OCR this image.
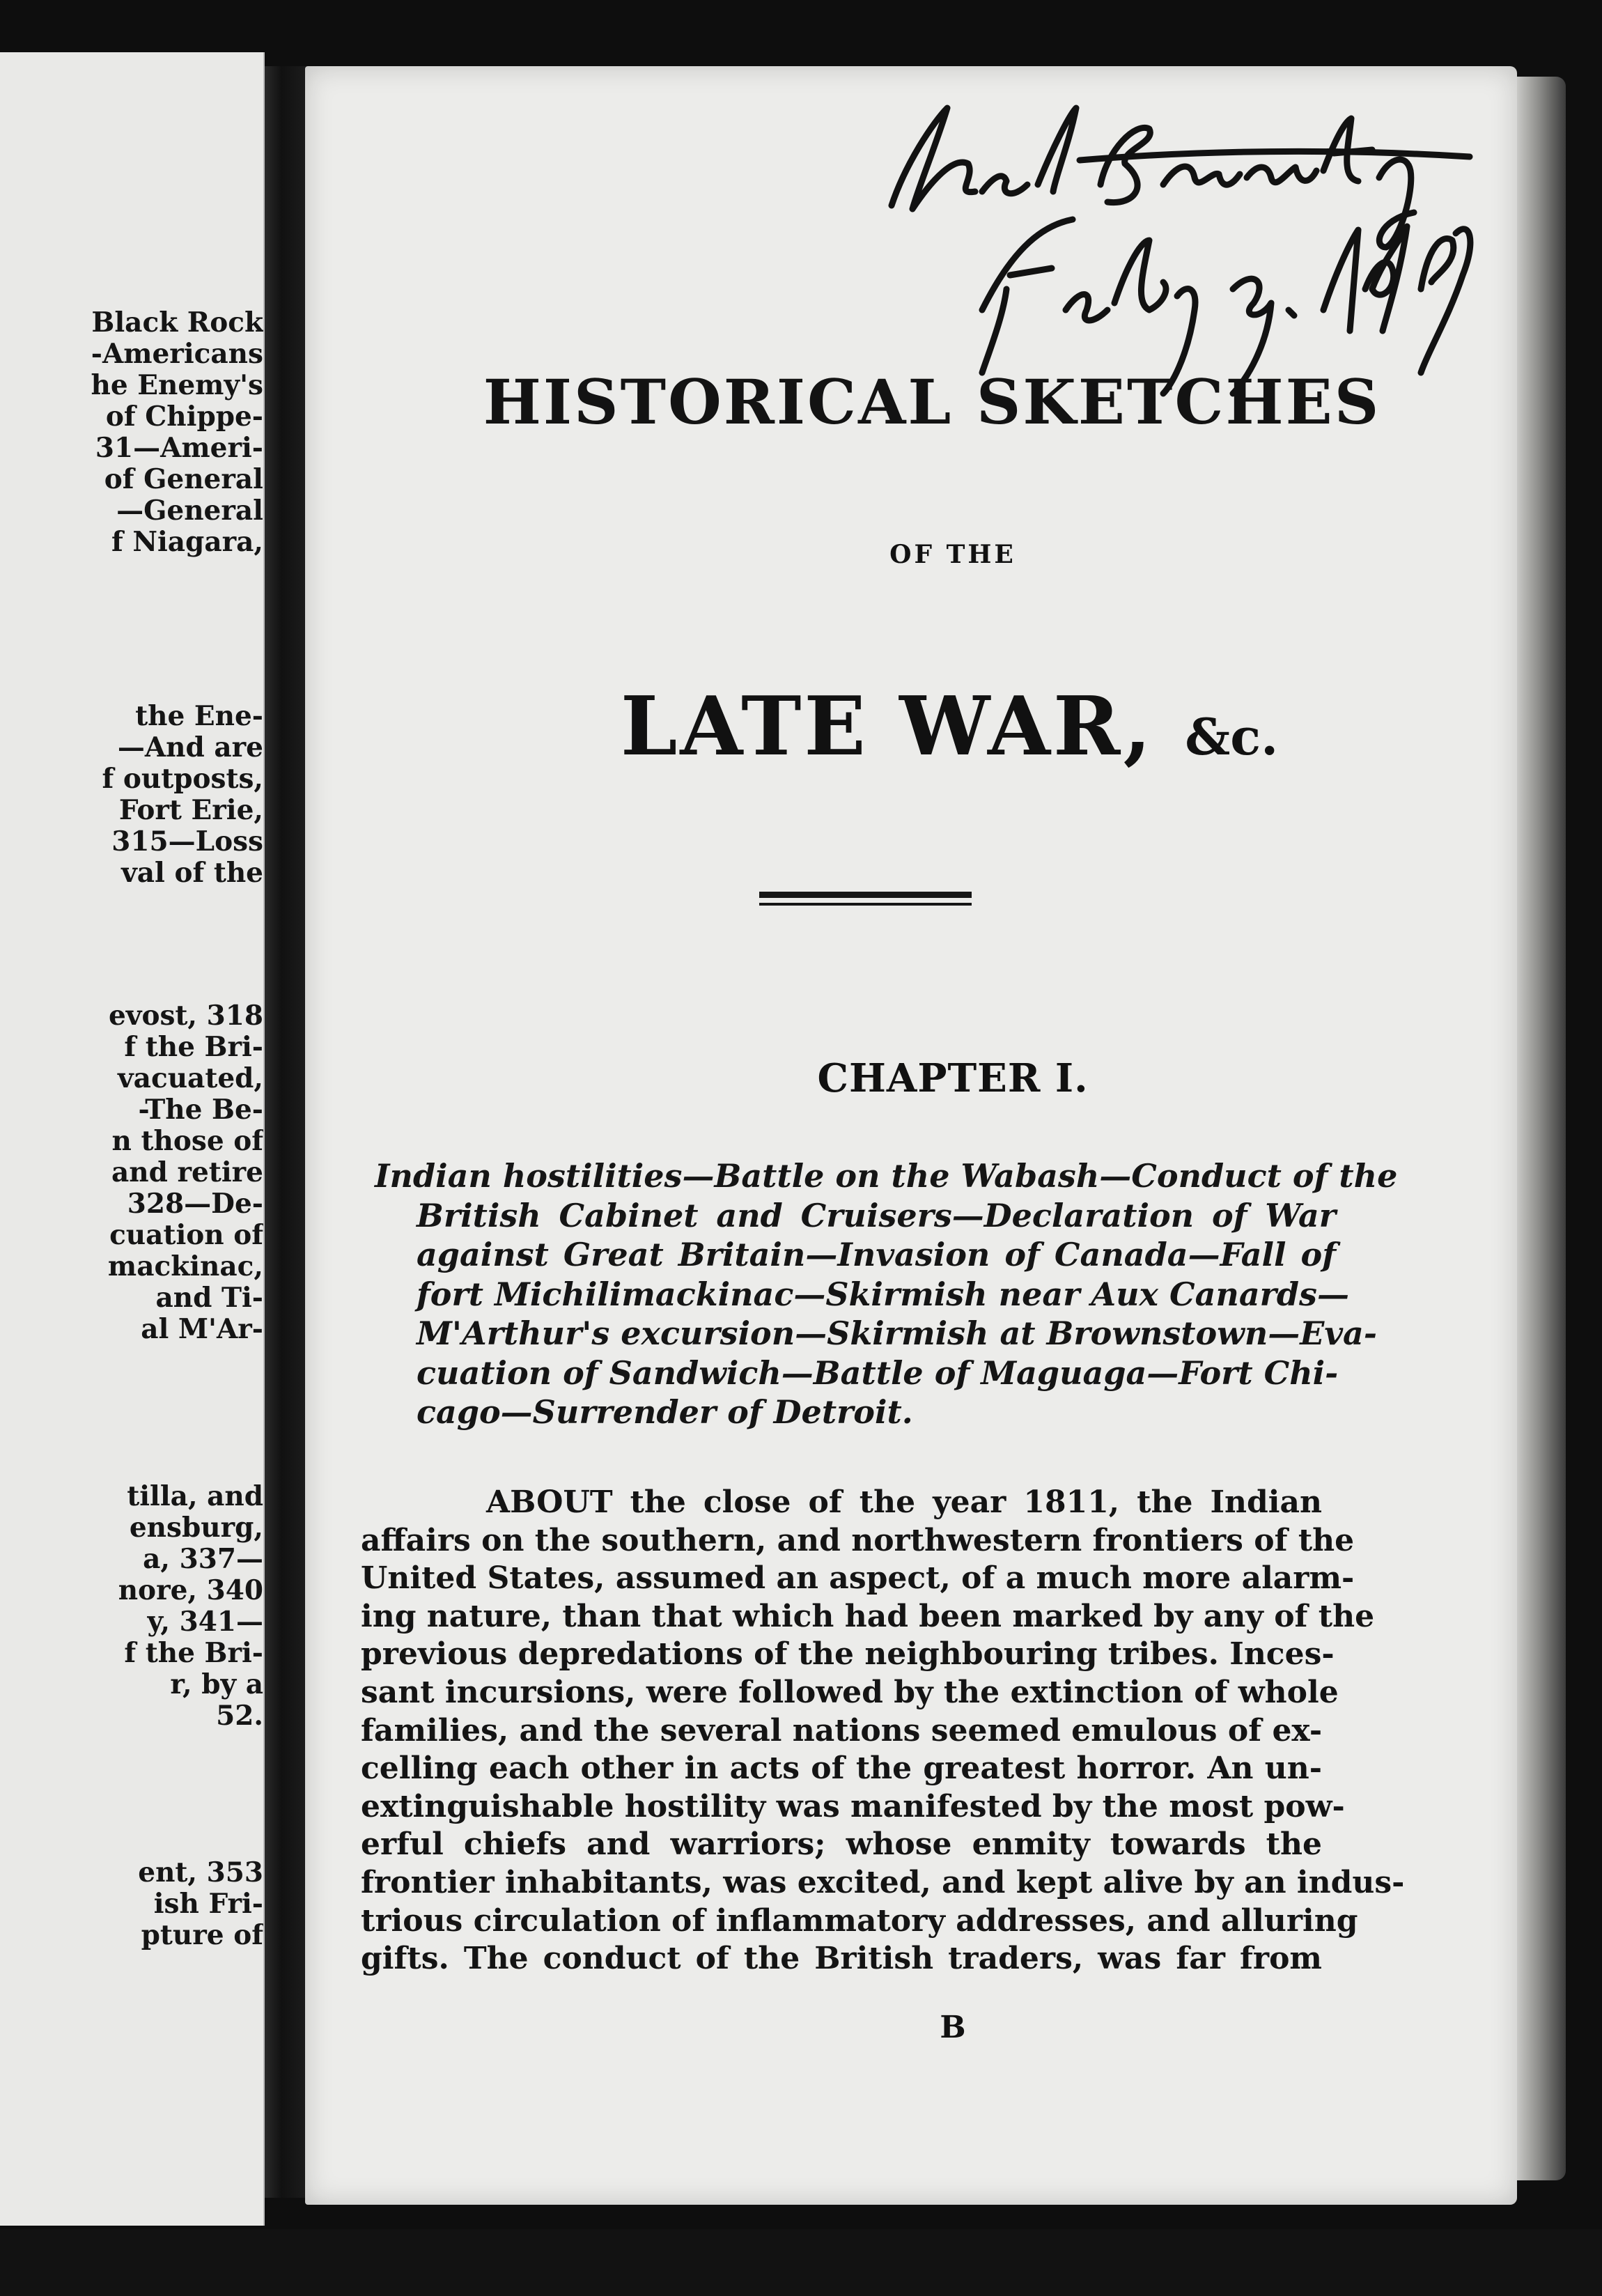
Black Rock
-Americans
he Enemy's
of Chippe-
31—Ameri-
of General
—General
f Niagara,
the Ene-
—And are
f outposts,
Fort Erie,
315—Loss
val of the
evost, 318
f the Bri-
vacuated,
-The Be-
n those of
and retire
328—De-
cuation of
mackinac,
and Ti-
al M'Ar-
tilla, and
ensburg,
a, 337—
nore, 340
y, 341—
f the Bri-
r, by a
52.
ent, 353
ish Fri-
pture of
HISTORICAL SKETCHES
OF THE
LATE WAR, &c.
CHAPTER I.
Indian hostilities—Battle on the Wabash—Conduct of the
British Cabinet and Cruisers—Declaration of War
against Great Britain—Invasion of Canada—Fall of
fort Michilimackinac—Skirmish near Aux Canards—
M'Arthur's excursion—Skirmish at Brownstown—Eva-
cuation of Sandwich—Battle of Maguaga—Fort Chi-
cago—Surrender of Detroit.
ABOUT the close of the year 1811, the Indian
affairs on the southern, and northwestern frontiers of the
United States, assumed an aspect, of a much more alarm-
ing nature, than that which had been marked by any of the
previous depredations of the neighbouring tribes. Inces-
sant incursions, were followed by the extinction of whole
families, and the several nations seemed emulous of ex-
celling each other in acts of the greatest horror. An un-
extinguishable hostility was manifested by the most pow-
erful chiefs and warriors; whose enmity towards the
frontier inhabitants, was excited, and kept alive by an indus-
trious circulation of inflammatory addresses, and alluring
gifts. The conduct of the British traders, was far from
B
